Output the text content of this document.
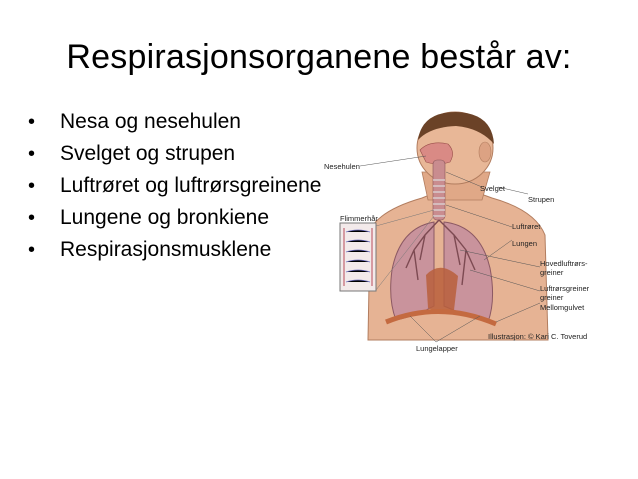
Respirasjonsorganene består av:
• Nesa og nesehulen
• Svelget og strupen
• Luftrøret og luftrørsgreinene
• Lungene og bronkiene
• Respirasjonsmusklene
Nesehulen
Svelget
Strupen
Flimmerhår
Luftrøret
Lungen
Hovedluftrørs-
greiner
Luftrørsgreiner
greiner
Mellomgulvet
Illustrasjon: © Kari C. Toverud
Lungelapper
